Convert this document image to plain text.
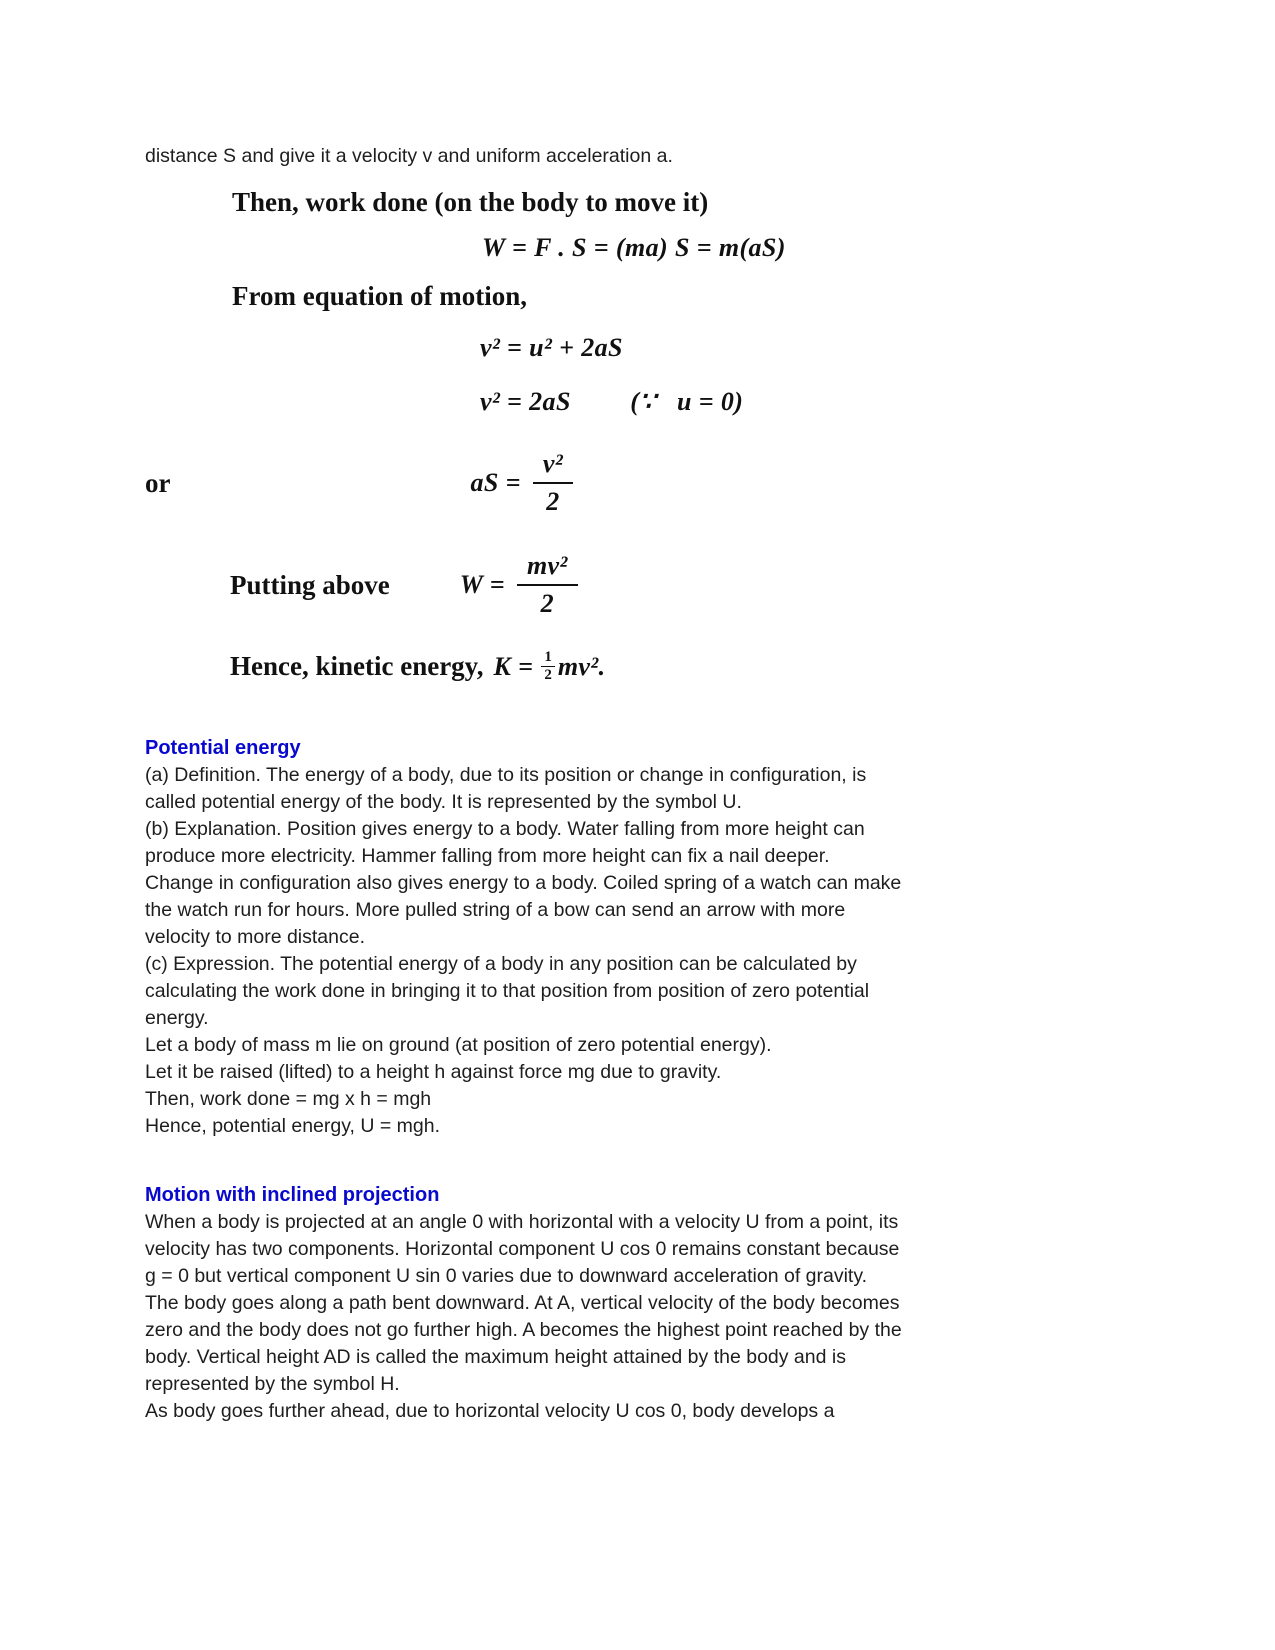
distance S and give it a velocity v and uniform acceleration a.
Then, work done (on the body to move it)
W = F . S = (ma) S = m(aS)
From equation of motion,
v² = u² + 2aS
v² = 2aS (∵   u = 0)
or	aS = $\frac{\text{v²}}{2}$
Putting above	$W = \frac{\text{mv²}}{2}$
Hence, kinetic energy, $K = \frac{1}{2} mv^2$.
Potential energy
(a) Definition. The energy of a body, due to its position or change in configuration, is
called potential energy of the body. It is represented by the symbol U.
(b) Explanation. Position gives energy to a body. Water falling from more height can
produce more electricity. Hammer falling from more height can fix a nail deeper.
Change in configuration also gives energy to a body. Coiled spring of a watch can make
the watch run for hours. More pulled string of a bow can send an arrow with more
velocity to more distance.
(c) Expression. The potential energy of a body in any position can be calculated by
calculating the work done in bringing it to that position from position of zero potential
energy.
Let a body of mass m lie on ground (at position of zero potential energy).
Let it be raised (lifted) to a height h against force mg due to gravity.
Then, work done = mg x h = mgh
Hence, potential energy, U = mgh.
Motion with inclined projection
When a body is projected at an angle 0 with horizontal with a velocity U from a point, its
velocity has two components. Horizontal component U cos 0 remains constant because
g = 0 but vertical component U sin 0 varies due to downward acceleration of gravity.
The body goes along a path bent downward. At A, vertical velocity of the body becomes
zero and the body does not go further high. A becomes the highest point reached by the
body. Vertical height AD is called the maximum height attained by the body and is
represented by the symbol H.
As body goes further ahead, due to horizontal velocity U cos 0, body develops a
